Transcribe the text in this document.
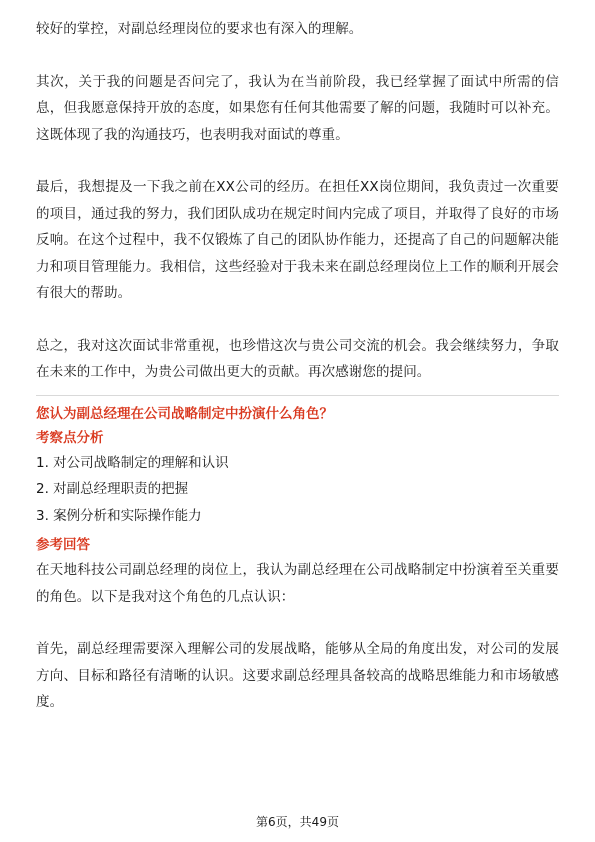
较好的掌控，对副总经理岗位的要求也有深入的理解。

其次，关于我的问题是否问完了，我认为在当前阶段，我已经掌握了面试中所需的信息，但我愿意保持开放的态度，如果您有任何其他需要了解的问题，我随时可以补充。这既体现了我的沟通技巧，也表明我对面试的尊重。

最后，我想提及一下我之前在XX公司的经历。在担任XX岗位期间，我负责过一次重要的项目，通过我的努力，我们团队成功在规定时间内完成了项目，并取得了良好的市场反响。在这个过程中，我不仅锻炼了自己的团队协作能力，还提高了自己的问题解决能力和项目管理能力。我相信，这些经验对于我未来在副总经理岗位上工作的顺利开展会有很大的帮助。

总之，我对这次面试非常重视，也珍惜这次与贵公司交流的机会。我会继续努力，争取在未来的工作中，为贵公司做出更大的贡献。再次感谢您的提问。

您认为副总经理在公司战略制定中扮演什么角色？

考察点分析

1. 对公司战略制定的理解和认识

2. 对副总经理职责的把握

3. 案例分析和实际操作能力

参考回答

在天地科技公司副总经理的岗位上，我认为副总经理在公司战略制定中扮演着至关重要的角色。以下是我对这个角色的几点认识：

首先，副总经理需要深入理解公司的发展战略，能够从全局的角度出发，对公司的发展方向、目标和路径有清晰的认识。这要求副总经理具备较高的战略思维能力和市场敏感度。

第6页，共49页
